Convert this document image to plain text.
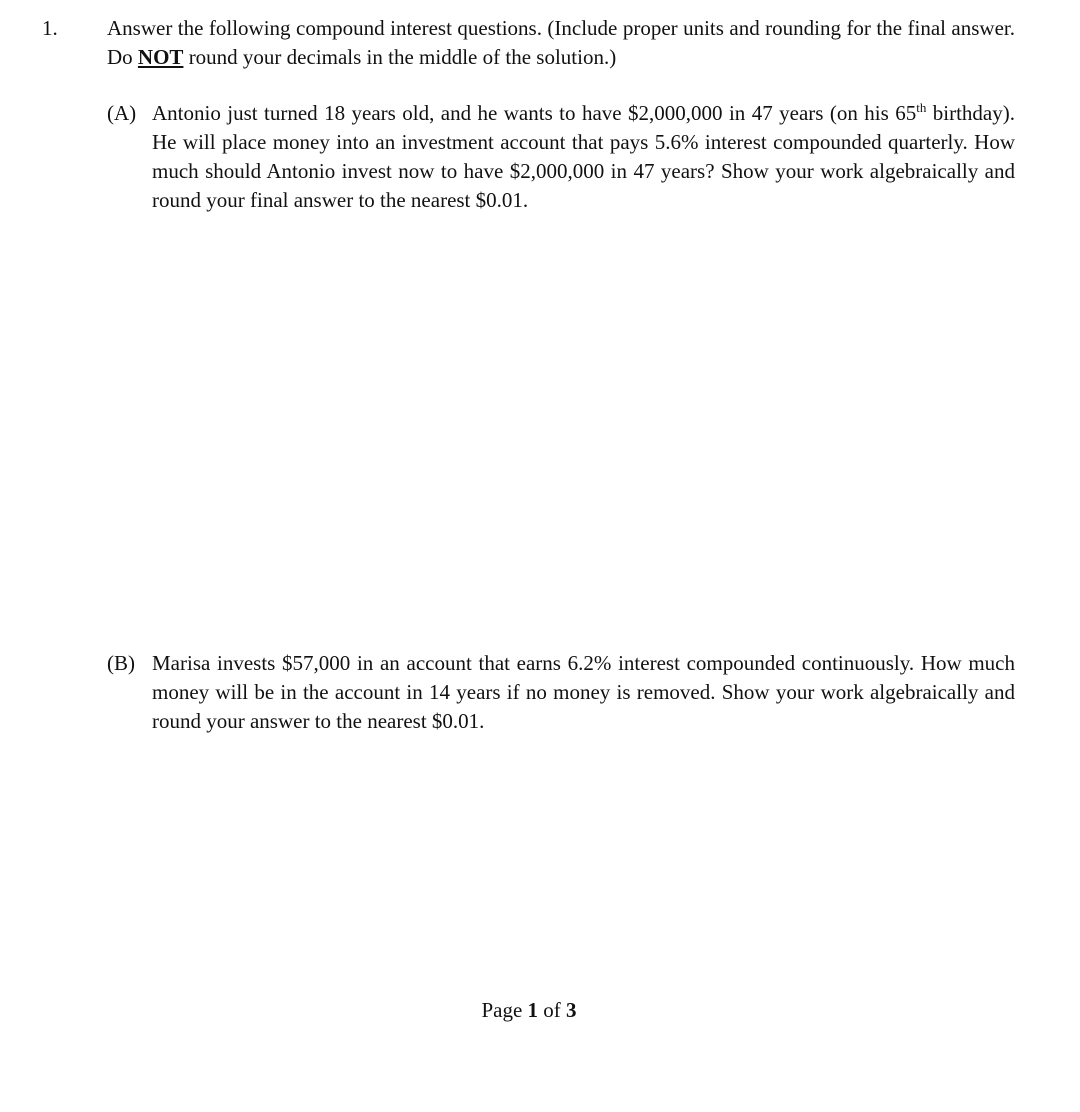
1. Answer the following compound interest questions. (Include proper units and rounding for the final answer. Do NOT round your decimals in the middle of the solution.)
(A) Antonio just turned 18 years old, and he wants to have $2,000,000 in 47 years (on his 65th birthday). He will place money into an investment account that pays 5.6% interest compounded quarterly. How much should Antonio invest now to have $2,000,000 in 47 years? Show your work algebraically and round your final answer to the nearest $0.01.
(B) Marisa invests $57,000 in an account that earns 6.2% interest compounded continuously. How much money will be in the account in 14 years if no money is removed. Show your work algebraically and round your answer to the nearest $0.01.
Page 1 of 3
